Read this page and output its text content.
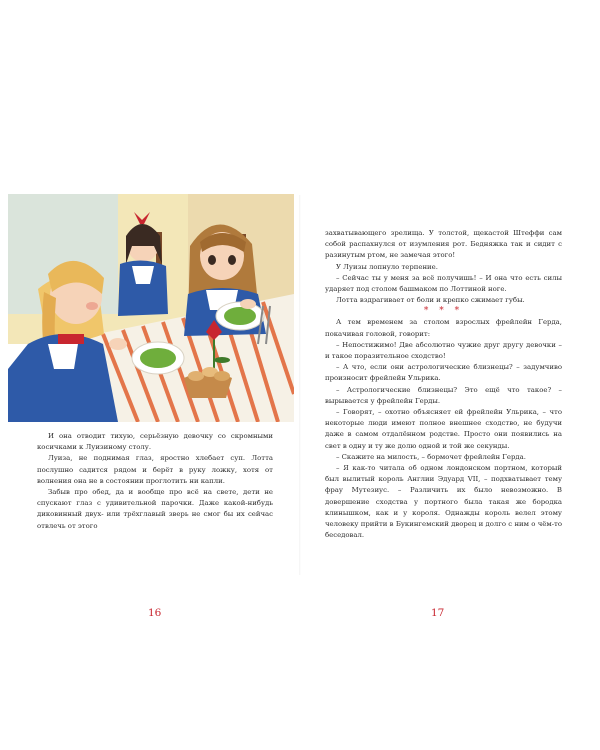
И она отводит тихую, серьёзную девочку со скромными косичками к Луизиному столу.

Луиза, не поднимая глаз, яростно хлебает суп. Лотта послушно садится рядом и берёт в руку ложку, хотя от волнения она не в состоянии проглотить ни капли.

Забыв про обед, да и вообще про всё на свете, дети не спускают глаз с удивительной парочки. Даже какой-нибудь диковинный двух- или трёхглавый зверь не смог бы их сейчас отвлечь от этого

16

захватывающего зрелища. У толстой, щекастой Штеффи сам собой распахнулся от изумления рот. Бедняжка так и сидит с разинутым ртом, не замечая этого!

У Луизы лопнуло терпение.

– Сейчас ты у меня за всё получишь! – И она что есть силы ударяет под столом башмаком по Лоттиной ноге.

Лотта вздрагивает от боли и крепко сжимает губы.

* * *

А тем временем за столом взрослых фрейлейн Герда, покачивая головой, говорит:

– Непостижимо! Две абсолютно чужие друг другу девочки – и такое поразительное сходство!

– А что, если они астрологические близнецы? – задумчиво произносит фрейлейн Ульрика.

– Астрологические близнецы? Это ещё что такое? – вырывается у фрейлейн Герды.

– Говорят, – охотно объясняет ей фрейлейн Ульрика, – что некоторые люди имеют полное внешнее сходство, не будучи даже в самом отдалённом родстве. Просто они появились на свет в одну и ту же долю одной и той же секунды.

– Скажите на милость, – бормочет фрейлейн Герда.

– Я как-то читала об одном лондонском портном, который был вылитый король Англии Эдуард VII, – подхватывает тему фрау Мутезиус. – Различить их было невозможно. В довершение сходства у портного была такая же бородка клинышком, как и у короля. Однажды король велел этому человеку прийти в Букингемский дворец и долго с ним о чём-то беседовал.

17
